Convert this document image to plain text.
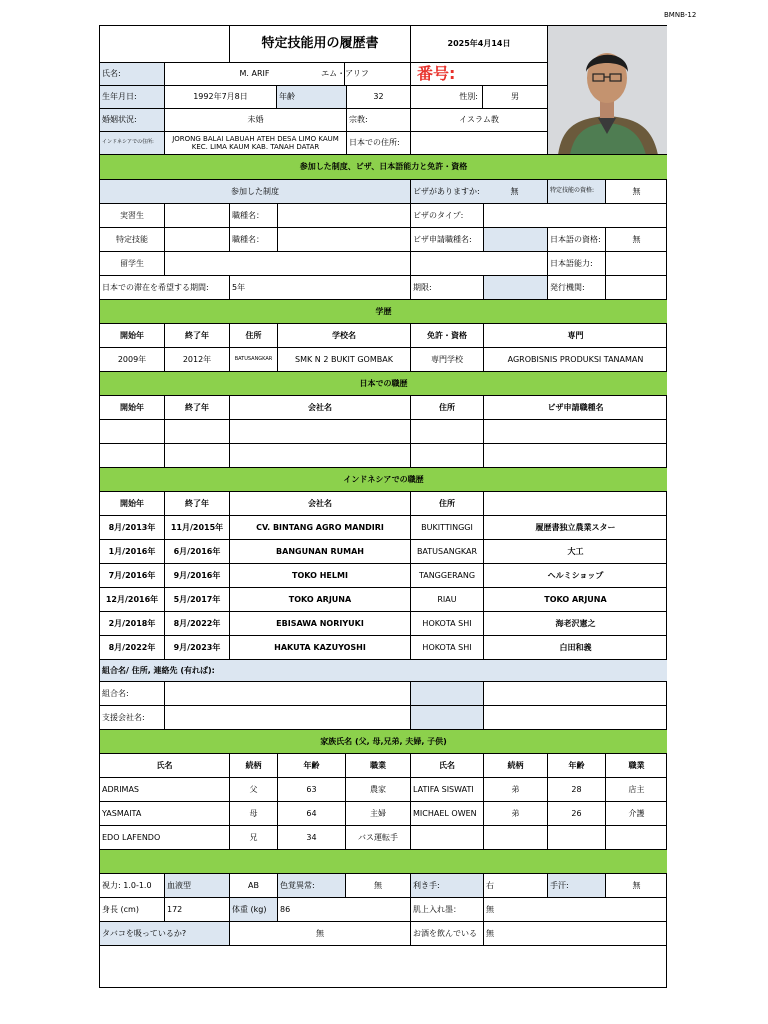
BMNB-12
特定技能用の履歴書	2025年4月14日
氏名:	M. ARIF	エム・アリフ	番号:
生年月日:	1992年7月8日	年齢	32	性別:	男
婚姻状況:	未婚	宗教:	イスラム教
インドネシアでの住所:	JORONG BALAI LABUAH ATEH DESA LIMO KAUM KEC. LIMA KAUM KAB. TANAH DATAR	日本での住所:
参加した制度、ビザ、日本語能力と免許・資格
参加した制度	ビザがありますか:	無	特定技能の資格:	無
実習生	職種名：	ビザのタイプ:
特定技能	職種名：	ビザ申請職種名:	日本語の資格:	無
留学生	日本語能力:
日本での滞在を希望する期間:	5年	期限:	発行機関:
学歴
開始年	終了年	住所	学校名	免許・資格	専門
2009年	2012年	BATUSANGKAR	SMK N 2 BUKIT GOMBAK	専門学校	AGROBISNIS PRODUKSI TANAMAN
日本での職歴
開始年	終了年	会社名	住所	ビザ申請職種名
インドネシアでの職歴
開始年	終了年	会社名	住所
8月/2013年	11月/2015年	CV. BINTANG AGRO MANDIRI	BUKITTINGGI	履歴書独立農業スター
1月/2016年	6月/2016年	BANGUNAN RUMAH	BATUSANGKAR	大工
7月/2016年	9月/2016年	TOKO HELMI	TANGGERANG	ヘルミショップ
12月/2016年	5月/2017年	TOKO ARJUNA	RIAU	TOKO ARJUNA
2月/2018年	8月/2022年	EBISAWA NORIYUKI	HOKOTA SHI	海老沢憲之
8月/2022年	9月/2023年	HAKUTA KAZUYOSHI	HOKOTA SHI	白田和義
組合名/ 住所, 連絡先 (有れば):
組合名:
支援会社名:
家族氏名 (父, 母,兄弟, 夫婦, 子供)
氏名	続柄	年齢	職業	氏名	続柄	年齢	職業
ADRIMAS	父	63	農家	LATIFA SISWATI	弟	28	店主
YASMAITA	母	64	主婦	MICHAEL OWEN	弟	26	介護
EDO LAFENDO	兄	34	バス運転手
視力: 1.0-1.0	血液型	AB	色覚異常:	無	利き手:	右	手汗:	無
身長 (cm)	172	体重 (kg)	86	肌上入れ墨：	無
タバコを吸っているか?	無	お酒を飲んでいる	無
